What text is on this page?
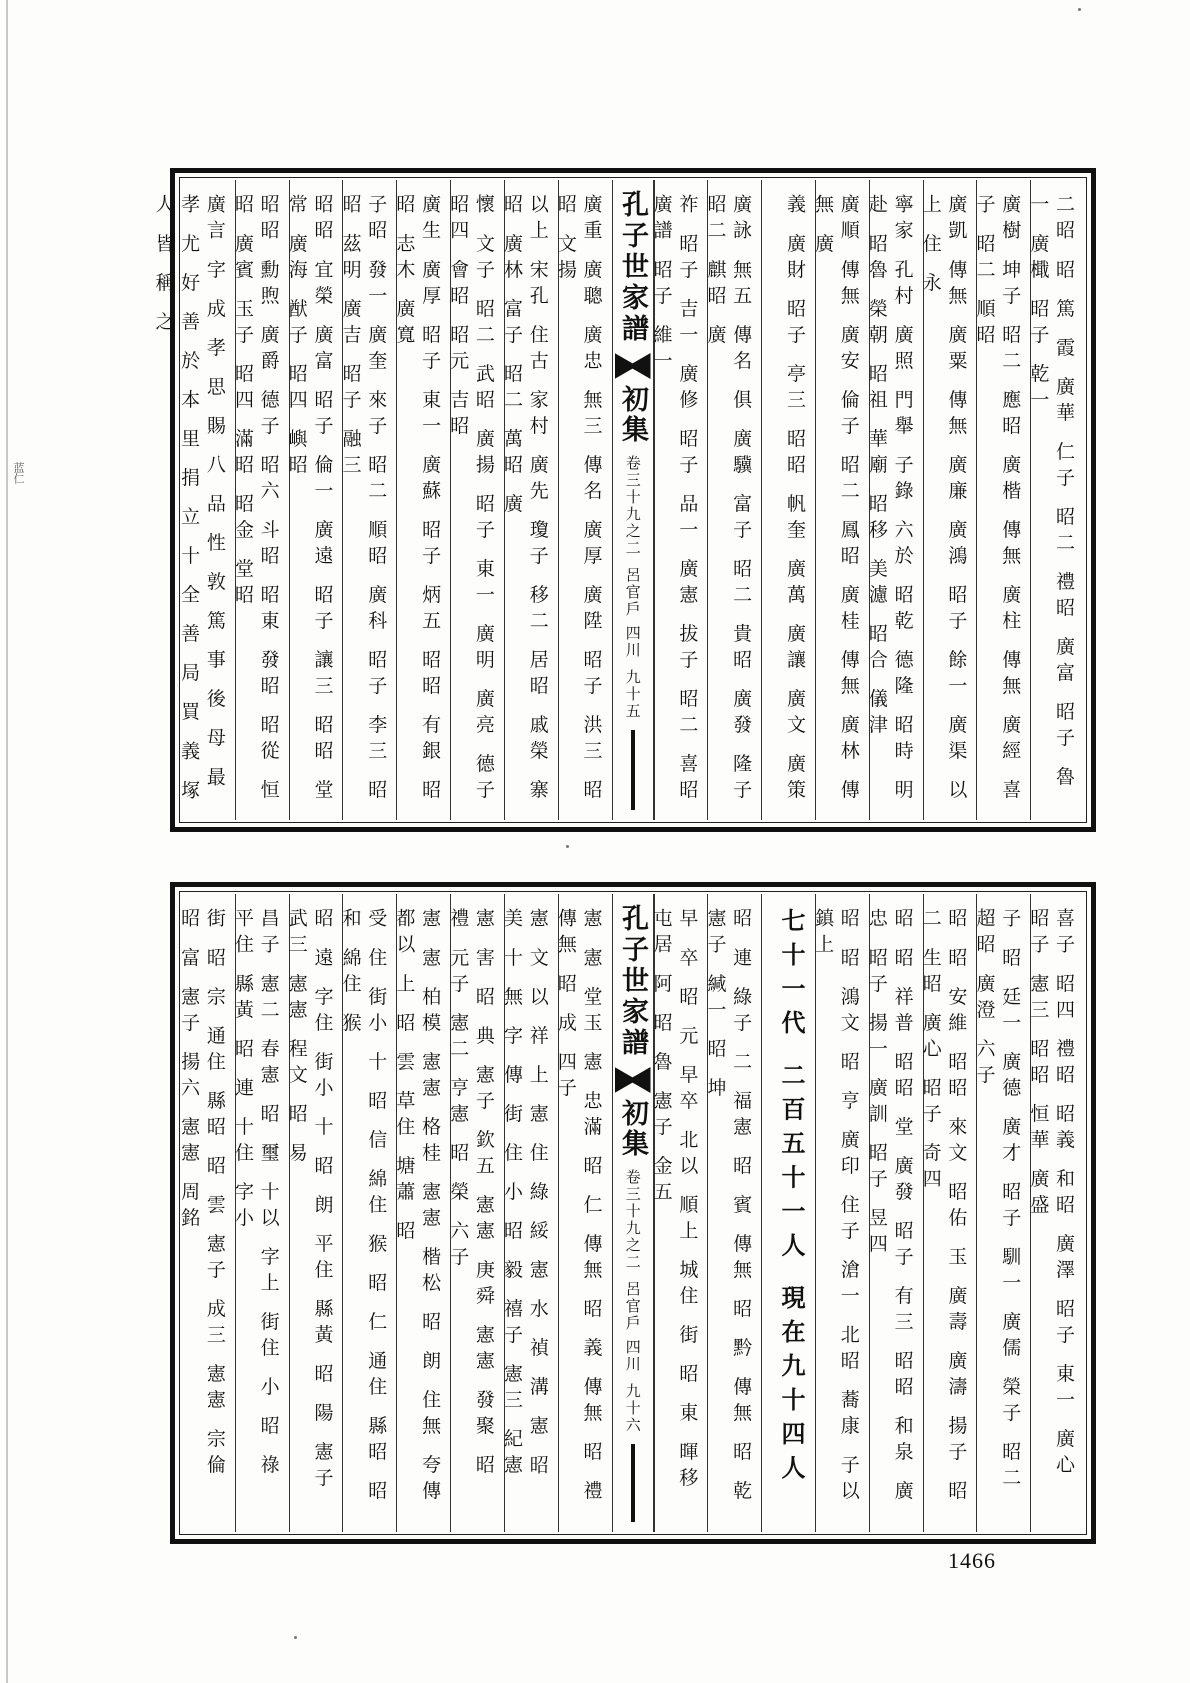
蓝仁	二昭 昭 篤 霞 廣華 仁子 昭二 禮昭 廣富 昭子 魯一 廣檝 昭子 乾一
廣樹 坤子 昭二 應昭 廣楷 傳無 廣柱 傳無 廣經 喜子 昭二 順昭
廣凱 傳無 廣粟 傳無 廣廉 廣鴻 昭子 餘一 廣渠 以上 住 永
寧家 孔村 廣照 門舉 子錄 六於 昭乾 德隆 昭時 明赴 昭魯 榮朝 昭祖 華廟 昭移 美濾 昭合 儀津
廣順 傳無 廣安 倫子 昭二 鳳昭 廣桂 傳無 廣林 傳無 廣
義 廣財 昭子 亭三 昭昭 帆奎 廣萬 廣讓 廣文 廣策
廣詠 無五 傳名 俱 廣驥 富子 昭二 貴昭 廣發 隆子 昭二 麒昭 廣
祚 昭子 吉一 廣修 昭子 品一 廣憲 拔子 昭二 喜昭 廣譜 昭子 維一
孔子世家譜
初集
卷三十九之二
呂官戶 四川
九十五
廣重 廣聰 廣忠 無三 傳名 廣厚 廣陞 昭子 洪三 昭昭 文揚
以上 宋孔 住古 家村 廣先 瓊子 移二 居昭 戚榮 寨昭 廣林 富子 昭二 萬昭 廣
懷 文子 昭二 武昭 廣揚 昭子 東一 廣明 廣亮 德子 昭四 會昭 昭元 吉昭
廣生 廣厚 昭子 東一 廣蘇 昭子 炳五 昭昭 有銀 昭昭 志木 廣寬
子昭 發一 廣奎 來子 昭二 順昭 廣科 昭子 李三 昭昭 茲明 廣吉 昭子 融三
昭昭 宜榮 廣富 昭子 倫一 廣遠 昭子 讓三 昭昭 堂常 廣海 猷子 昭四 嶼昭
昭昭 勳煦 廣爵 德子 昭六 斗昭 昭東 發昭 昭從 恒昭 廣賓 玉子 昭四 滿昭 昭金 堂昭
廣言 字 成 孝 思 賜 八 品 性 敦 篤 事 後 母 最 孝 尤 好 善 於 本 里 捐 立 十 全 善 局 買 義 塚 人 皆 稱 之
喜子 昭四 禮昭 昭義 和昭 廣澤 昭子 東一 廣心 昭子 憲三 昭昭 恒華 廣盛
子 昭 廷一 廣德 廣才 昭子 馴一 廣儒 榮子 昭二 超昭 廣澄 六子
昭 昭 安維 昭昭 來文 昭佑 玉 廣壽 廣濤 揚子 昭二 生昭 廣心 昭子 奇四
昭 昭 祥普 昭昭 堂 廣發 昭子 有三 昭昭 和泉 廣忠 昭子 揚一 廣訓 昭子 昱四
昭 昭 鴻文 昭 亨 廣印 住子 滄一 北昭 蕎康 子以 鎮上
七十一代 二百五十一人 現在九十四人
昭 連 綠子 二 福憲 昭 賓 傳無 昭 黔 傳無 昭 乾 憲子 緘一 昭 坤
早 卒 昭 元 早卒 北以 順上 城住 街 昭 東 暉移 屯居 阿 昭 魯 憲子 金五
孔子世家譜
初集
卷三十九之二
呂官戶 四川
九十六
憲 憲 堂玉 憲 忠滿 昭 仁 傳無 昭 義 傳無 昭 禮 傳無 昭 成 四子
憲 文 以 祥 上 憲 住 綠 綏 憲 水 禎 溝 憲 昭 美 十 無 字 傳 街 住 小 昭 毅 禧子 憲三 紀憲
憲 害 昭 典 憲子 欽五 憲憲 庚舜 憲憲 發聚 昭 禮 元子 憲二 亨憲 昭 榮 六子
憲 憲 柏模 憲憲 格桂 憲憲 楷松 昭 朗 住無 夸傳 都以 上 昭 雲 草住 塘蕭 昭
受 住 街小 十 昭 信 綿住 猴 昭 仁 通住 縣昭 昭 和 綿住 猴
昭 遠 字住 街小 十 昭 朗 平住 縣黃 昭 陽 憲子 武三 憲憲 程文 昭 易
昌子 憲二 春憲 昭 璽 十以 字上 街住 小 昭 祿 平住 縣黃 昭 連 十住 字小
街 昭 宗 通住 縣昭 昭 雲 憲子 成三 憲憲 宗倫 昭 富 憲子 揚六 憲憲 周銘
1466
